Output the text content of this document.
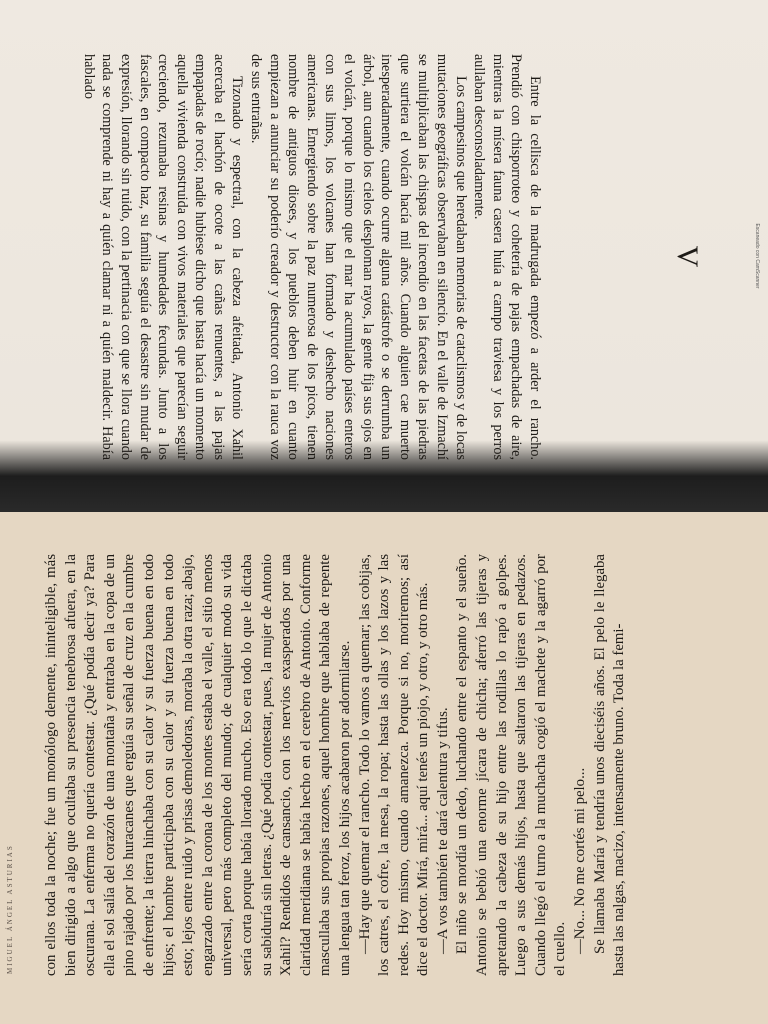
Escaneado con CamScanner
V

Entre la cellisca de la madrugada empezó a arder el rancho. Prendió con chisporroteo y cohetería de pajas empachadas de aire, mientras la mísera fauna casera huía a campo traviesa y los perros aullaban desconsoladamente.

Los campesinos que heredaban memorias de cataclismos y de locas mutaciones geográficas observaban en silencio. En el valle de Izmachí se multiplicaban las chispas del incendio en las facetas de las piedras que surtiera el volcán hacía mil años. Cuando alguien cae muerto inesperadamente, cuando ocurre alguna catástrofe o se derrumba un árbol, aun cuando los cielos desploman rayos, la gente fija sus ojos en el volcán, porque lo mismo que el mar ha acumulado países enteros con sus limos, los volcanes han formado y deshecho naciones americanas. Emergiendo sobre la paz numerosa de los picos, tienen nombre de antiguos dioses, y los pueblos deben huir en cuanto empiezan a anunciar su poderío creador y destructor con la rauca voz de sus entrañas.

Tizonado y espectral, con la cabeza afeitada, Antonio Xahil acercaba el hachón de ocote a las cañas renuentes, a las pajas empapadas de rocío; nadie hubiese dicho que hasta hacía un momento aquella vivienda construida con vivos materiales que parecían seguir creciendo, rezumaba resinas y humedades fecundas. Junto a los fascales, en compacto haz, su familia seguía el desastre sin mudar de expresión, llorando sin ruido, con la pertinacia con que se llora cuando nada se comprende ni hay a quién clamar ni a quién maldecir. Había hablado

MIGUEL ÁNGEL ASTURIAS con ellos toda la noche; fue un monólogo demente, ininteligible, más bien dirigido a algo que ocultaba su presencia tenebrosa afuera, en la oscurana. La enferma no quería contestar. ¿Qué podía decir ya? Para ella el sol salía del corazón de una montaña y entraba en la copa de un pino rajado por los huracanes que erguía su señal de cruz en la cumbre de enfrente; la tierra hinchaba con su calor y su fuerza buena en todo hijos; el hombre participaba con su calor y su fuerza buena en todo esto; lejos entre ruido y prisas demoledoras, moraba la otra raza; abajo, engarzado entre la corona de los montes estaba el valle, el sitio menos universal, pero más completo del mundo; de cualquier modo su vida sería corta porque había llorado mucho. Eso era todo lo que le dictaba su sabiduría sin letras. ¿Qué podía contestar, pues, la mujer de Antonio Xahil? Rendidos de cansancio, con los nervios exasperados por una claridad meridiana se había hecho en el cerebro de Antonio. Conforme mascullaba sus propias razones, aquel hombre que hablaba de repente una lengua tan feroz, los hijos acabaron por adormilarse. —Hay que quemar el rancho. Todo lo vamos a quemar; las cobijas, los catres, el cofre, la mesa, la ropa; hasta las ollas y los lazos y las redes. Hoy mismo, cuando amanezca. Porque si no, moriremos; así dice el doctor. Mirá, mirá... aquí tenés un piojo, y otro, y otro más. —A vos también te dará calentura y tifus. El niño se mordía un dedo, luchando entre el espanto y el sueño. Antonio se bebió una enorme jícara de chicha; aferró las tijeras y apretando la cabeza de su hijo entre las rodillas lo rapó a golpes. Luego a sus demás hijos, hasta que saltaron las tijeras en pedazos. Cuando llegó el turno a la muchacha cogió el machete y la agarró por el cuello. —No... No me cortés mi pelo... Se llamaba María y tendría unos dieciséis años. El pelo le llegaba hasta las nalgas, macizo, intensamente bruno. Toda la femi-
